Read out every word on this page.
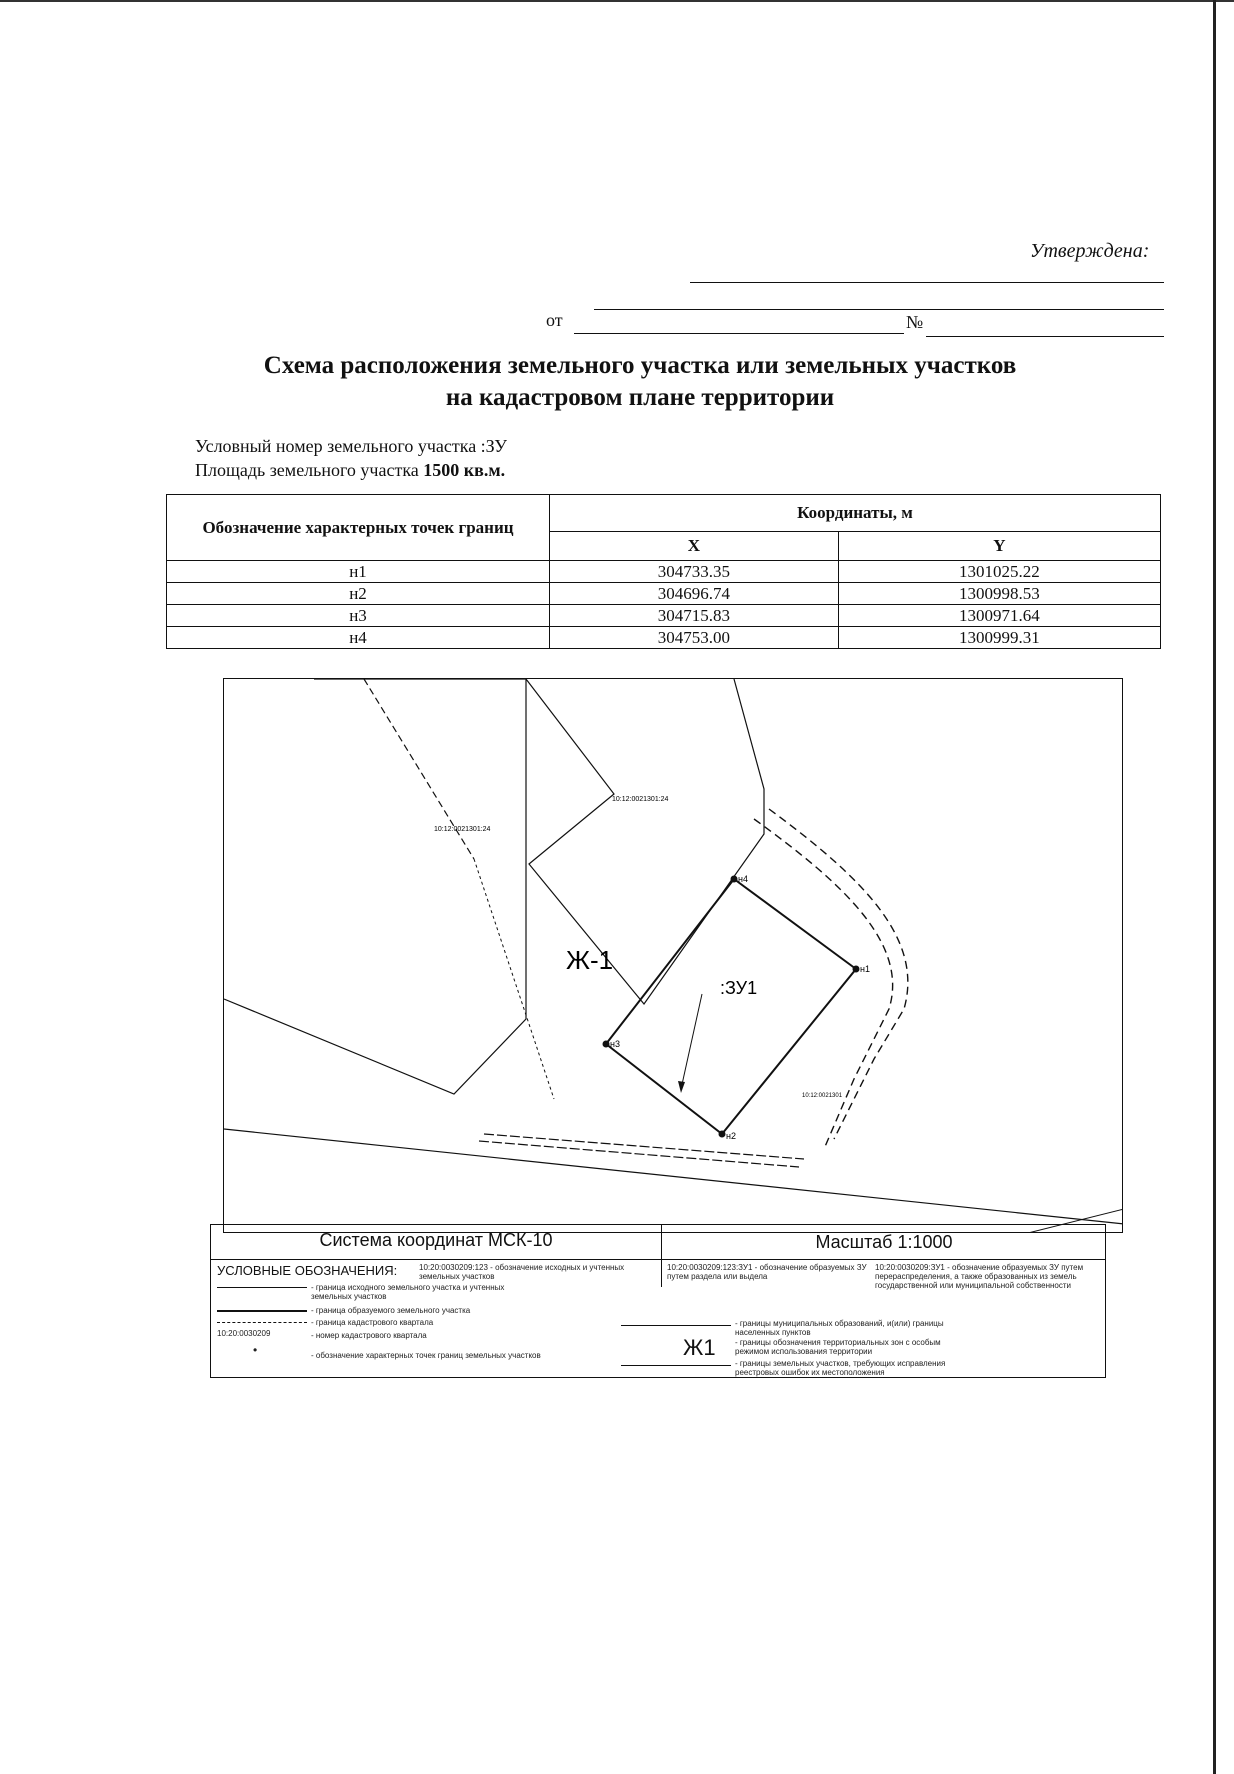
Утверждена:
от	№
Схема расположения земельного участка или земельных участков
на кадастровом плане территории
Условный номер земельного участка :ЗУ
Площадь земельного участка 1500 кв.м.
Обозначение характерных точек границ	Координаты, м	
	X	Y
н1	304733.35	1301025.22
н2	304696.74	1300998.53
н3	304715.83	1300971.64
н4	304753.00	1300999.31
10:12:0021301:24
10:12:0021301:24
Ж-1
:ЗУ1
10:12:0021301
н1
н2
н3
н4
Система координат МСК-10	Масштаб 1:1000
УСЛОВНЫЕ ОБОЗНАЧЕНИЯ:	10:20:0030209:123 - обозначение исходных и учтенных земельных участков
10:20:0030209:123:ЗУ1 - обозначение образуемых ЗУ путем раздела или выдела
10:20:0030209:ЗУ1 - обозначение образуемых ЗУ путем перераспределения, а также образованных из земель государственной или муниципальной собственности
- граница исходного земельного участка и учтенных земельных участков
- граница образуемого земельного участка
- граница кадастрового квартала
10:20:0030209	- номер кадастрового квартала
•	- обозначение характерных точек границ земельных участков
- границы муниципальных образований, и(или) границы населенных пунктов
Ж1 - границы обозначения территориальных зон с особым режимом использования территории
- границы земельных участков, требующих исправления реестровых ошибок их местоположения
